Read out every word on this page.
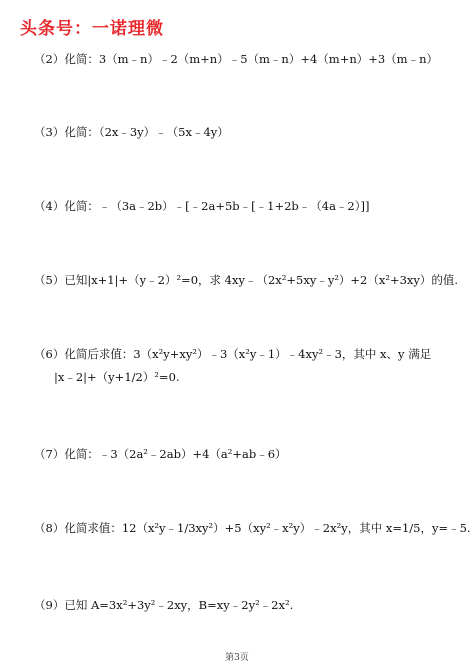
头条号：一诺理微
（2）化简：3（m﹣n）﹣2（m+n）﹣5（m﹣n）+4（m+n）+3（m﹣n）
（3）化简：（2x﹣3y）﹣（5x﹣4y）
（4）化简：﹣（3a﹣2b）﹣[﹣2a+5b﹣[﹣1+2b﹣（4a﹣2）]]
（5）已知|x+1|+（y﹣2）²=0，求 4xy﹣（2x²+5xy﹣y²）+2（x²+3xy）的值.
（6）化简后求值：3（x²y+xy²）﹣3（x²y﹣1）﹣4xy²﹣3，其中 x、y 满足
|x﹣2|+（y+1/2）²=0.
（7）化简：﹣3（2a²﹣2ab）+4（a²+ab﹣6）
（8）化简求值：12（x²y﹣1/3xy²）+5（xy²﹣x²y）﹣2x²y，其中 x=1/5，y=﹣5.
（9）已知 A=3x²+3y²﹣2xy，B=xy﹣2y²﹣2x².
第3页
